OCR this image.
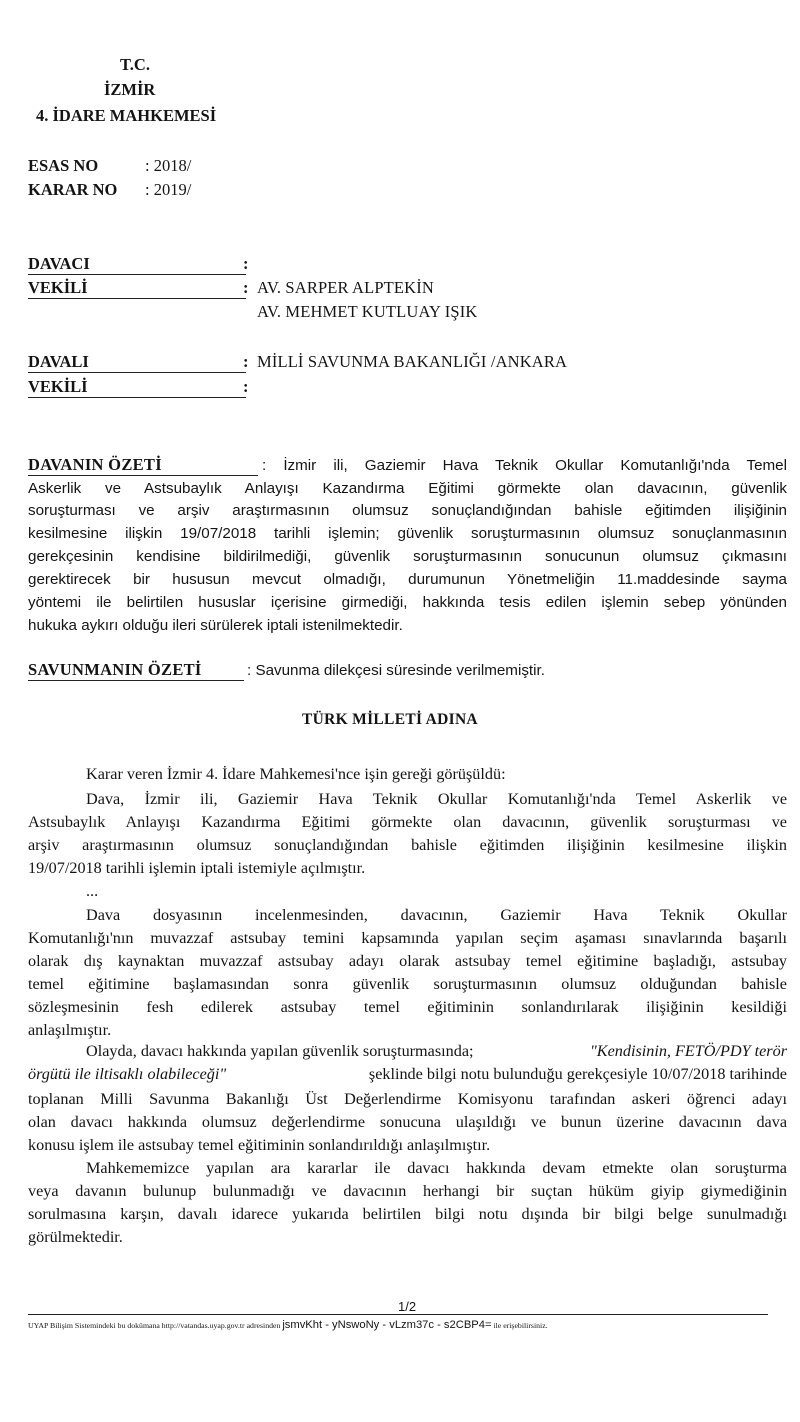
T.C.
İZMİR
4. İDARE MAHKEMESİ
ESAS NO	: 2018/
KARAR NO : 2019/
DAVACI	:
VEKİLİ	: AV. SARPER ALPTEKİN
AV. MEHMET KUTLUAY IŞIK
DAVALI	: MİLLİ SAVUNMA BAKANLIĞI /ANKARA
VEKİLİ	:
DAVANIN ÖZETİ	: İzmir ili, Gaziemir Hava Teknik Okullar Komutanlığı'nda Temel
Askerlik ve Astsubaylık Anlayışı Kazandırma Eğitimi görmekte olan davacının, güvenlik
soruşturması ve arşiv araştırmasının olumsuz sonuçlandığından bahisle eğitimden ilişiğinin
kesilmesine ilişkin 19/07/2018 tarihli işlemin; güvenlik soruşturmasının olumsuz sonuçlanmasının
gerekçesinin kendisine bildirilmediği, güvenlik soruşturmasının sonucunun olumsuz çıkmasını
gerektirecek bir hususun mevcut olmadığı, durumunun Yönetmeliğin 11.maddesinde sayma
yöntemi ile belirtilen hususlar içerisine girmediği, hakkında tesis edilen işlemin sebep yönünden
hukuka aykırı olduğu ileri sürülerek iptali istenilmektedir.
SAVUNMANIN ÖZETİ	: Savunma dilekçesi süresinde verilmemiştir.
TÜRK MİLLETİ ADINA
Karar veren İzmir 4. İdare Mahkemesi'nce işin gereği görüşüldü:
Dava, İzmir ili, Gaziemir Hava Teknik Okullar Komutanlığı'nda Temel Askerlik ve
Astsubaylık Anlayışı Kazandırma Eğitimi görmekte olan davacının, güvenlik soruşturması ve
arşiv araştırmasının olumsuz sonuçlandığından bahisle eğitimden ilişiğinin kesilmesine ilişkin
19/07/2018 tarihli işlemin iptali istemiyle açılmıştır.
...
Dava dosyasının incelenmesinden, davacının, Gaziemir Hava Teknik Okullar
Komutanlığı'nın muvazzaf astsubay temini kapsamında yapılan seçim aşaması sınavlarında başarılı
olarak dış kaynaktan muvazzaf astsubay adayı olarak astsubay temel eğitimine başladığı, astsubay
temel eğitimine başlamasından sonra güvenlik soruşturmasının olumsuz olduğundan bahisle
sözleşmesinin fesh edilerek astsubay temel eğitiminin sonlandırılarak ilişiğinin kesildiği
anlaşılmıştır.
Olayda, davacı hakkında yapılan güvenlik soruşturmasında;	"Kendisinin, FETÖ/PDY terör
örgütü ile iltisaklı olabileceği"	şeklinde bilgi notu bulunduğu gerekçesiyle 10/07/2018 tarihinde
toplanan Milli Savunma Bakanlığı Üst Değerlendirme Komisyonu tarafından askeri öğrenci adayı
olan davacı hakkında olumsuz değerlendirme sonucuna ulaşıldığı ve bunun üzerine davacının dava
konusu işlem ile astsubay temel eğitiminin sonlandırıldığı anlaşılmıştır.
Mahkememizce yapılan ara kararlar ile davacı hakkında devam etmekte olan soruşturma
veya davanın bulunup bulunmadığı ve davacının herhangi bir suçtan hüküm giyip giymediğinin
sorulmasına karşın, davalı idarece yukarıda belirtilen bilgi notu dışında bir bilgi belge sunulmadığı
görülmektedir.
1/2
UYAP Bilişim Sistemindeki bu dokümana http://vatandas.uyap.gov.tr adresinden jsmvKht - yNswoNy - vLzm37c - s2CBP4= ile erişebilirsiniz.
